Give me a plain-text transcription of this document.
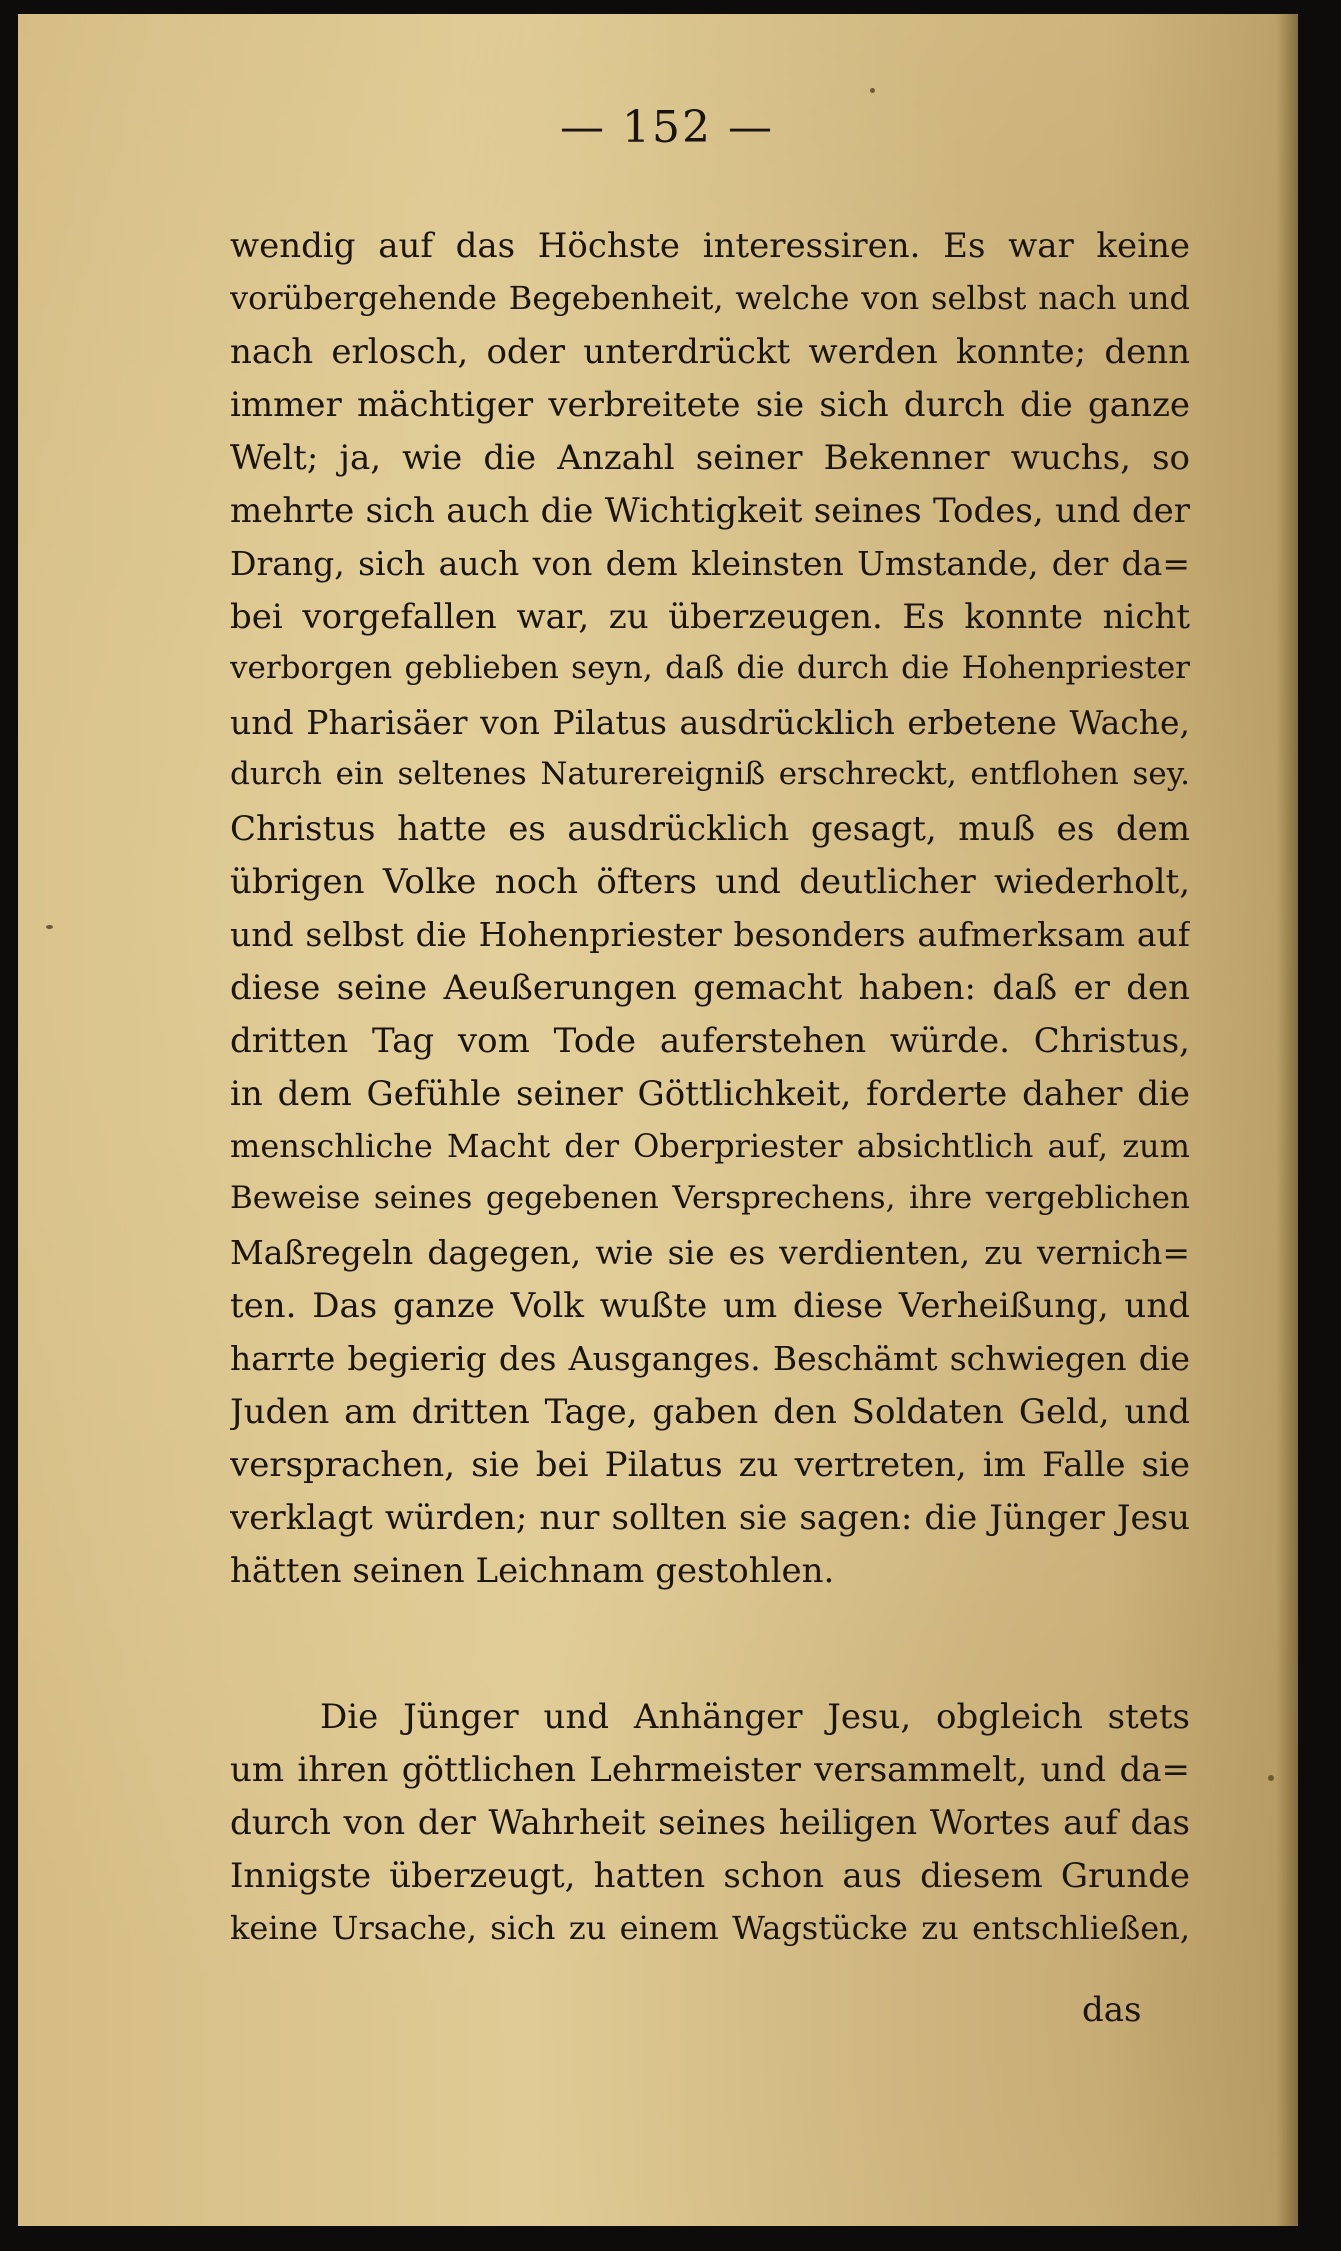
— 152 —
wendig auf das Höchste interessiren. Es war keine
vorübergehende Begebenheit, welche von selbst nach und
nach erlosch, oder unterdrückt werden konnte; denn
immer mächtiger verbreitete sie sich durch die ganze
Welt; ja, wie die Anzahl seiner Bekenner wuchs, so
mehrte sich auch die Wichtigkeit seines Todes, und der
Drang, sich auch von dem kleinsten Umstande, der da=
bei vorgefallen war, zu überzeugen. Es konnte nicht
verborgen geblieben seyn, daß die durch die Hohenpriester
und Pharisäer von Pilatus ausdrücklich erbetene Wache,
durch ein seltenes Naturereigniß erschreckt, entflohen sey.
Christus hatte es ausdrücklich gesagt, muß es dem
übrigen Volke noch öfters und deutlicher wiederholt,
und selbst die Hohenpriester besonders aufmerksam auf
diese seine Aeußerungen gemacht haben: daß er den
dritten Tag vom Tode auferstehen würde. Christus,
in dem Gefühle seiner Göttlichkeit, forderte daher die
menschliche Macht der Oberpriester absichtlich auf, zum
Beweise seines gegebenen Versprechens, ihre vergeblichen
Maßregeln dagegen, wie sie es verdienten, zu vernich=
ten. Das ganze Volk wußte um diese Verheißung, und
harrte begierig des Ausganges. Beschämt schwiegen die
Juden am dritten Tage, gaben den Soldaten Geld, und
versprachen, sie bei Pilatus zu vertreten, im Falle sie
verklagt würden; nur sollten sie sagen: die Jünger Jesu
hätten seinen Leichnam gestohlen.
Die Jünger und Anhänger Jesu, obgleich stets
um ihren göttlichen Lehrmeister versammelt, und da=
durch von der Wahrheit seines heiligen Wortes auf das
Innigste überzeugt, hatten schon aus diesem Grunde
keine Ursache, sich zu einem Wagstücke zu entschließen,
das
